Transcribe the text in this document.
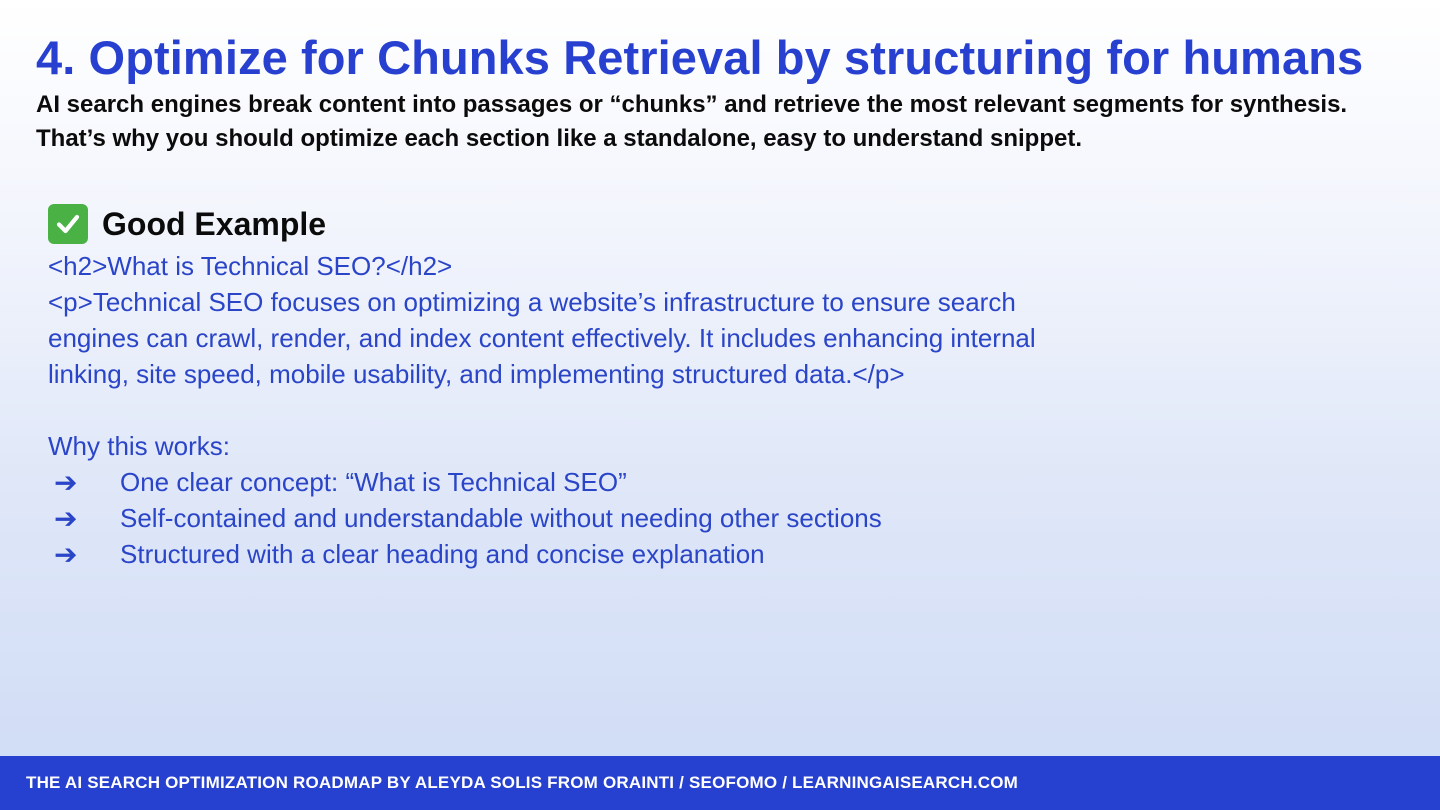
4. Optimize for Chunks Retrieval by structuring for humans

AI search engines break content into passages or “chunks” and retrieve the most relevant segments for synthesis. That’s why you should optimize each section like a standalone, easy to understand snippet.

Good Example
<h2>What is Technical SEO?</h2>
<p>Technical SEO focuses on optimizing a website’s infrastructure to ensure search
engines can crawl, render, and index content effectively. It includes enhancing internal
linking, site speed, mobile usability, and implementing structured data.</p>
Why this works:
➔	One clear concept: “What is Technical SEO”
➔	Self-contained and understandable without needing other sections
➔	Structured with a clear heading and concise explanation
THE AI SEARCH OPTIMIZATION ROADMAP BY ALEYDA SOLIS FROM ORAINTI / SEOFOMO / LEARNINGAISEARCH.COM
